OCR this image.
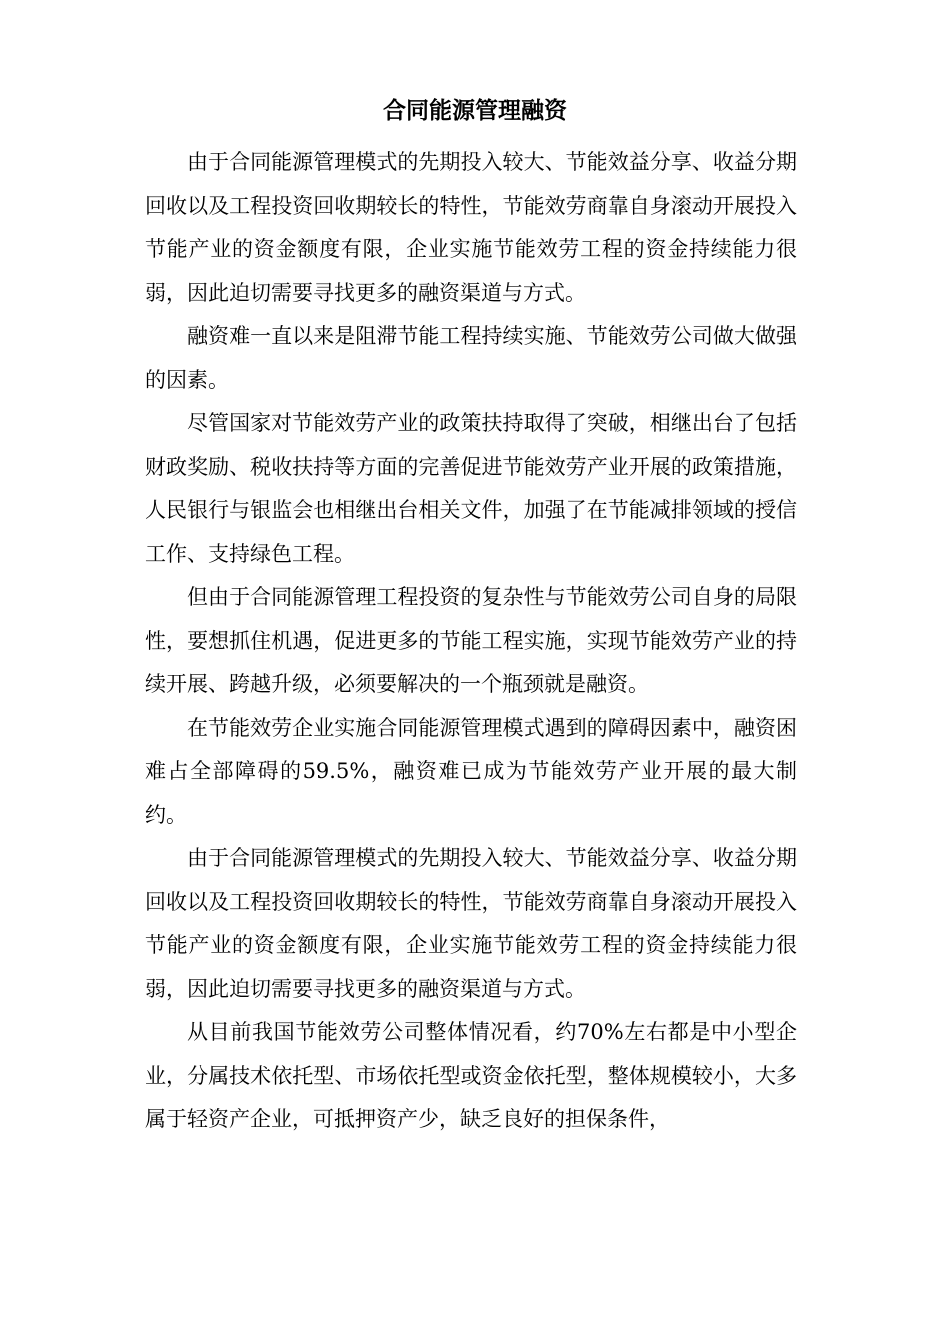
合同能源管理融资

由于合同能源管理模式的先期投入较大、节能效益分享、收益分期回收以及工程投资回收期较长的特性，节能效劳商靠自身滚动开展投入节能产业的资金额度有限，企业实施节能效劳工程的资金持续能力很弱，因此迫切需要寻找更多的融资渠道与方式。

融资难一直以来是阻滞节能工程持续实施、节能效劳公司做大做强的因素。

尽管国家对节能效劳产业的政策扶持取得了突破，相继出台了包括财政奖励、税收扶持等方面的完善促进节能效劳产业开展的政策措施，人民银行与银监会也相继出台相关文件，加强了在节能减排领域的授信工作、支持绿色工程。

但由于合同能源管理工程投资的复杂性与节能效劳公司自身的局限性，要想抓住机遇，促进更多的节能工程实施，实现节能效劳产业的持续开展、跨越升级，必须要解决的一个瓶颈就是融资。

在节能效劳企业实施合同能源管理模式遇到的障碍因素中，融资困难占全部障碍的59.5%，融资难已成为节能效劳产业开展的最大制约。

由于合同能源管理模式的先期投入较大、节能效益分享、收益分期回收以及工程投资回收期较长的特性，节能效劳商靠自身滚动开展投入节能产业的资金额度有限，企业实施节能效劳工程的资金持续能力很弱，因此迫切需要寻找更多的融资渠道与方式。

从目前我国节能效劳公司整体情况看，约70%左右都是中小型企业，分属技术依托型、市场依托型或资金依托型，整体规模较小，大多属于轻资产企业，可抵押资产少，缺乏良好的担保条件，
